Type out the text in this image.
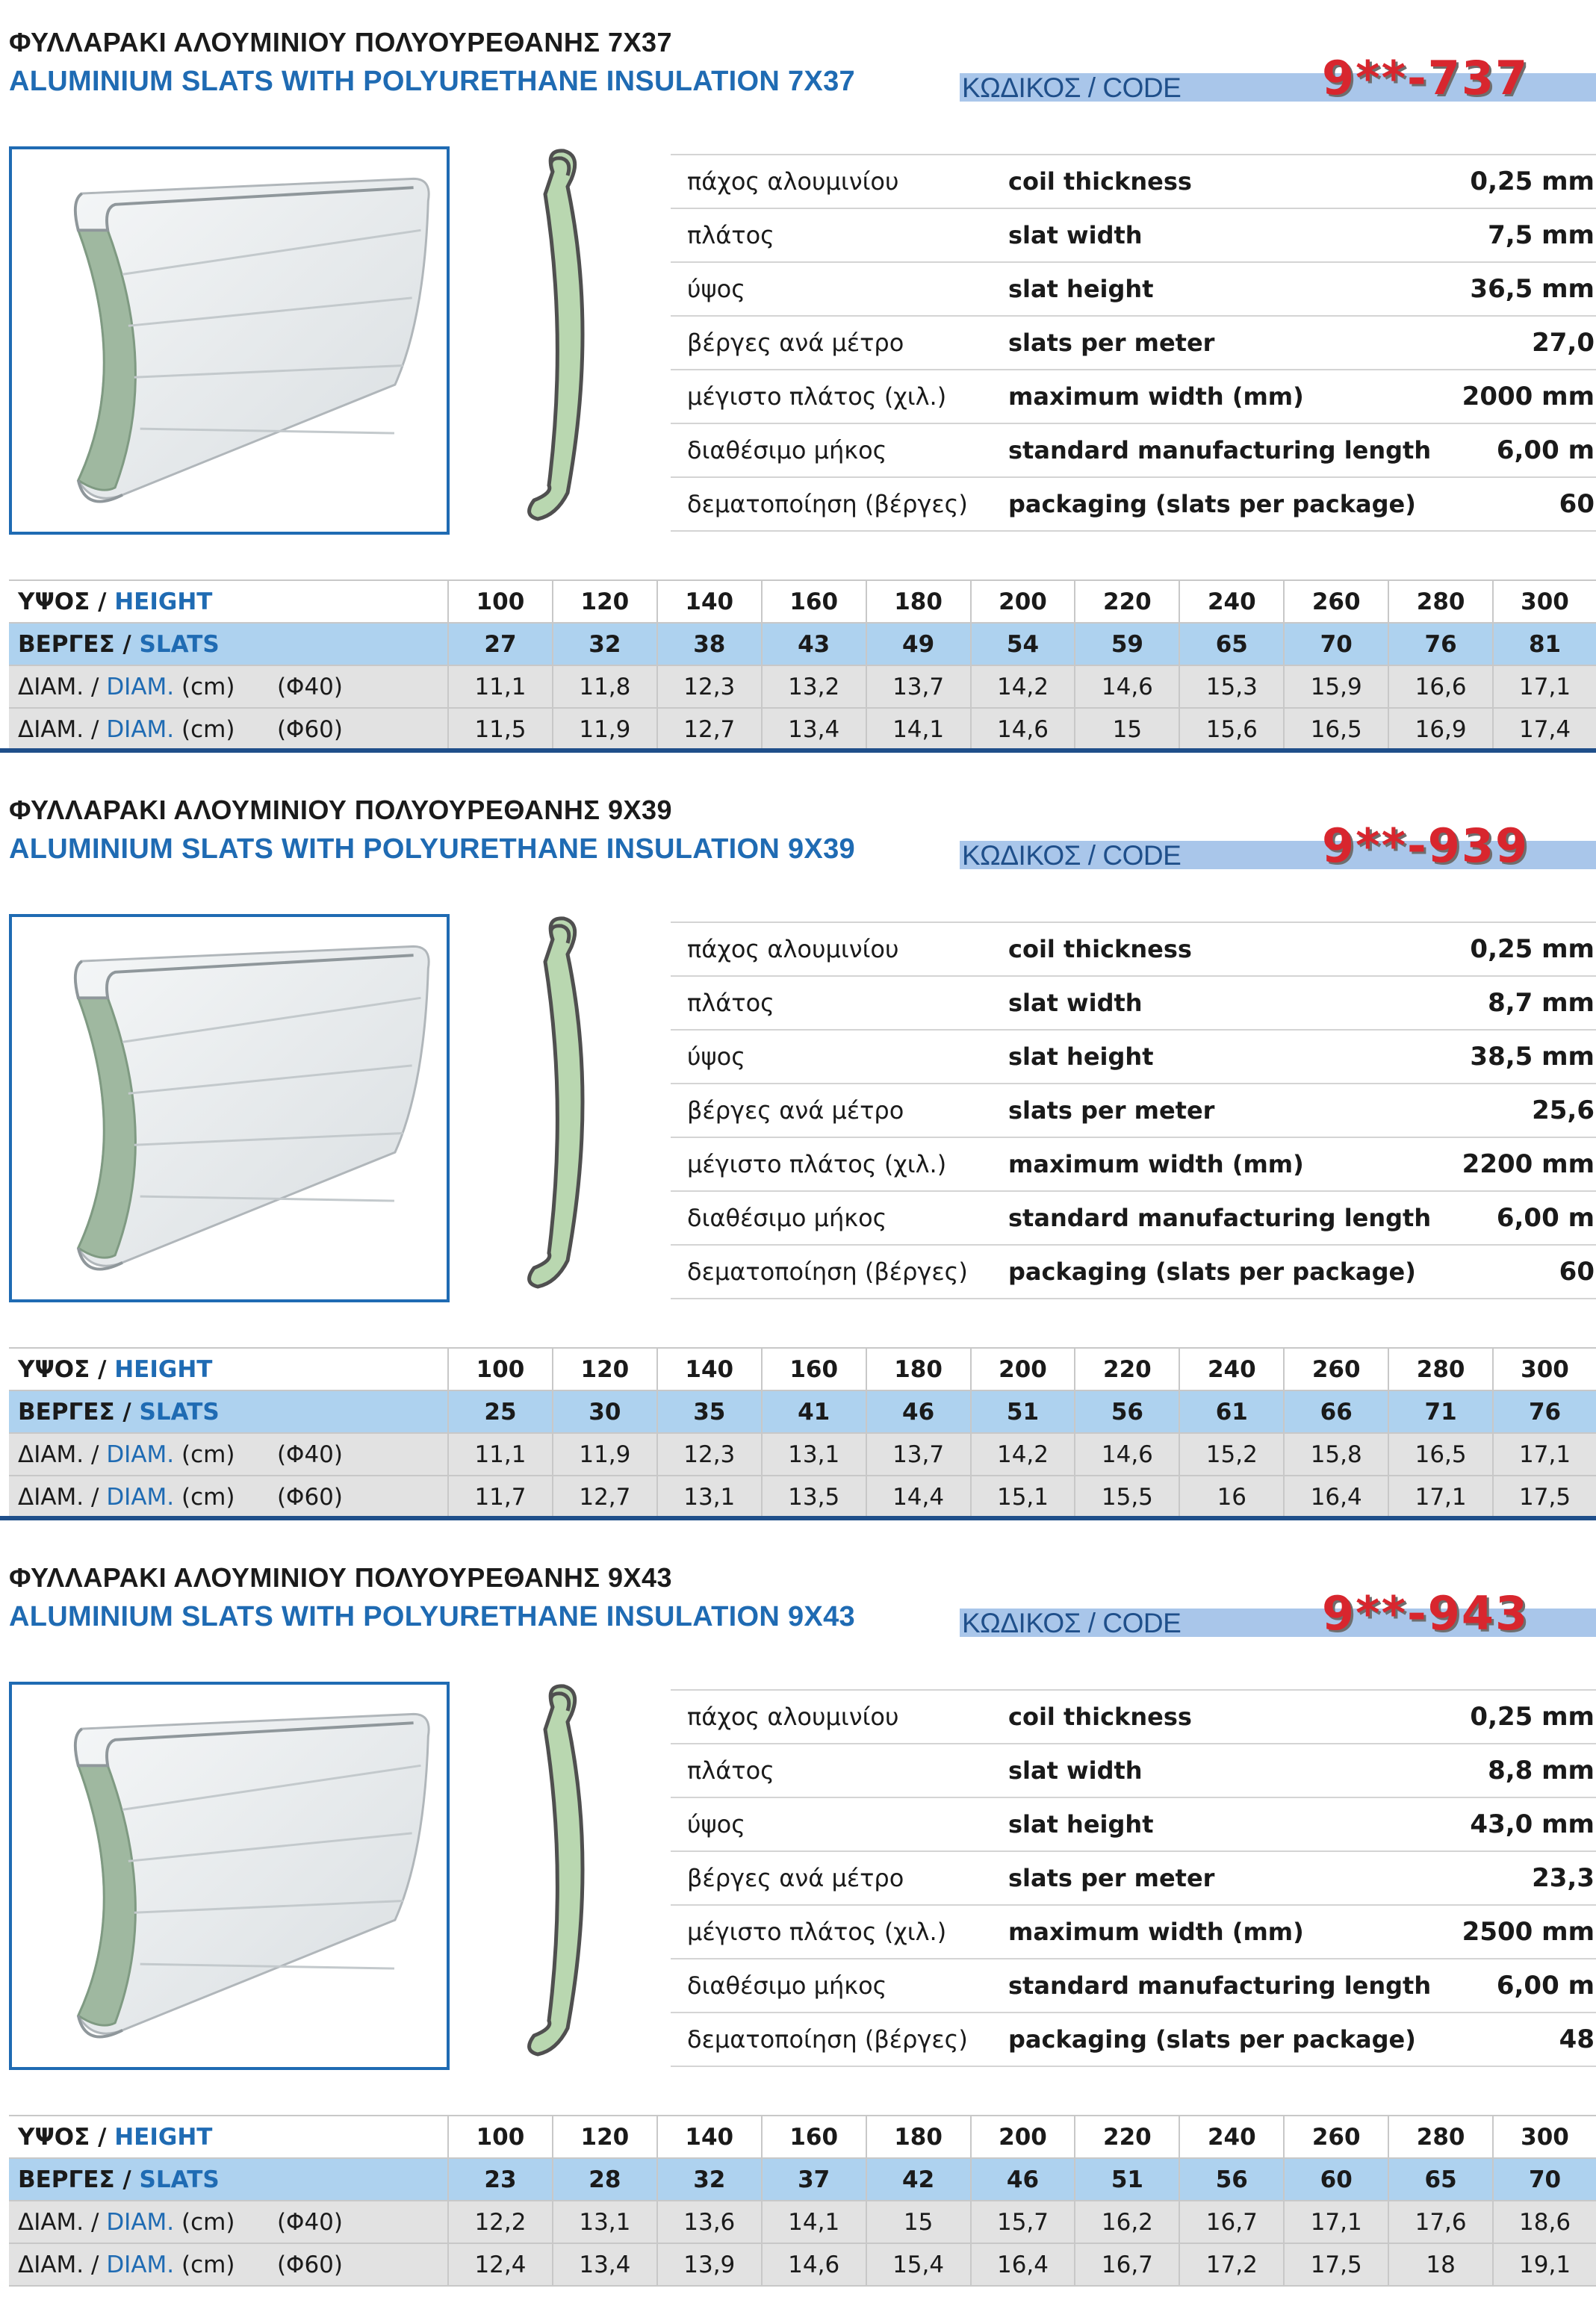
ΦΥΛΛΑΡΑΚΙ ΑΛΟΥΜΙΝΙΟΥ ΠΟΛΥΟΥΡΕΘΑΝΗΣ 7Χ37
ALUMINIUM SLATS WITH POLYURETHANE INSULATION 7X37	ΚΩΔΙΚΟΣ / CODE	9**-737
πάχος αλουμινίου	coil thickness	0,25 mm
πλάτος	slat width	7,5 mm
ύψος	slat height	36,5 mm
βέργες ανά μέτρο	slats per meter	27,0
μέγιστο πλάτος (χιλ.)	maximum width (mm)	2000 mm
διαθέσιμο μήκος	standard manufacturing length	6,00 m
δεματοποίηση (βέργες)	packaging (slats per package)	60
ΥΨΟΣ / HEIGHT	100	120	140	160	180	200	220	240	260	280	300
ΒΕΡΓΕΣ / SLATS	27	32	38	43	49	54	59	65	70	76	81
ΔΙΑΜ. / DIAM. (cm) (Φ40)	11,1	11,8	12,3	13,2	13,7	14,2	14,6	15,3	15,9	16,6	17,1
ΔΙΑΜ. / DIAM. (cm) (Φ60)	11,5	11,9	12,7	13,4	14,1	14,6	15	15,6	16,5	16,9	17,4
ΦΥΛΛΑΡΑΚΙ ΑΛΟΥΜΙΝΙΟΥ ΠΟΛΥΟΥΡΕΘΑΝΗΣ 9Χ39
ALUMINIUM SLATS WITH POLYURETHANE INSULATION 9X39	ΚΩΔΙΚΟΣ / CODE	9**-939
πάχος αλουμινίου	coil thickness	0,25 mm
πλάτος	slat width	8,7 mm
ύψος	slat height	38,5 mm
βέργες ανά μέτρο	slats per meter	25,6
μέγιστο πλάτος (χιλ.)	maximum width (mm)	2200 mm
διαθέσιμο μήκος	standard manufacturing length	6,00 m
δεματοποίηση (βέργες)	packaging (slats per package)	60
ΥΨΟΣ / HEIGHT	100	120	140	160	180	200	220	240	260	280	300
ΒΕΡΓΕΣ / SLATS	25	30	35	41	46	51	56	61	66	71	76
ΔΙΑΜ. / DIAM. (cm) (Φ40)	11,1	11,9	12,3	13,1	13,7	14,2	14,6	15,2	15,8	16,5	17,1
ΔΙΑΜ. / DIAM. (cm) (Φ60)	11,7	12,7	13,1	13,5	14,4	15,1	15,5	16	16,4	17,1	17,5
ΦΥΛΛΑΡΑΚΙ ΑΛΟΥΜΙΝΙΟΥ ΠΟΛΥΟΥΡΕΘΑΝΗΣ 9Χ43
ALUMINIUM SLATS WITH POLYURETHANE INSULATION 9X43	ΚΩΔΙΚΟΣ / CODE	9**-943
πάχος αλουμινίου	coil thickness	0,25 mm
πλάτος	slat width	8,8 mm
ύψος	slat height	43,0 mm
βέργες ανά μέτρο	slats per meter	23,3
μέγιστο πλάτος (χιλ.)	maximum width (mm)	2500 mm
διαθέσιμο μήκος	standard manufacturing length	6,00 m
δεματοποίηση (βέργες)	packaging (slats per package)	48
ΥΨΟΣ / HEIGHT	100	120	140	160	180	200	220	240	260	280	300
ΒΕΡΓΕΣ / SLATS	23	28	32	37	42	46	51	56	60	65	70
ΔΙΑΜ. / DIAM. (cm) (Φ40)	12,2	13,1	13,6	14,1	15	15,7	16,2	16,7	17,1	17,6	18,6
ΔΙΑΜ. / DIAM. (cm) (Φ60)	12,4	13,4	13,9	14,6	15,4	16,4	16,7	17,2	17,5	18	19,1
